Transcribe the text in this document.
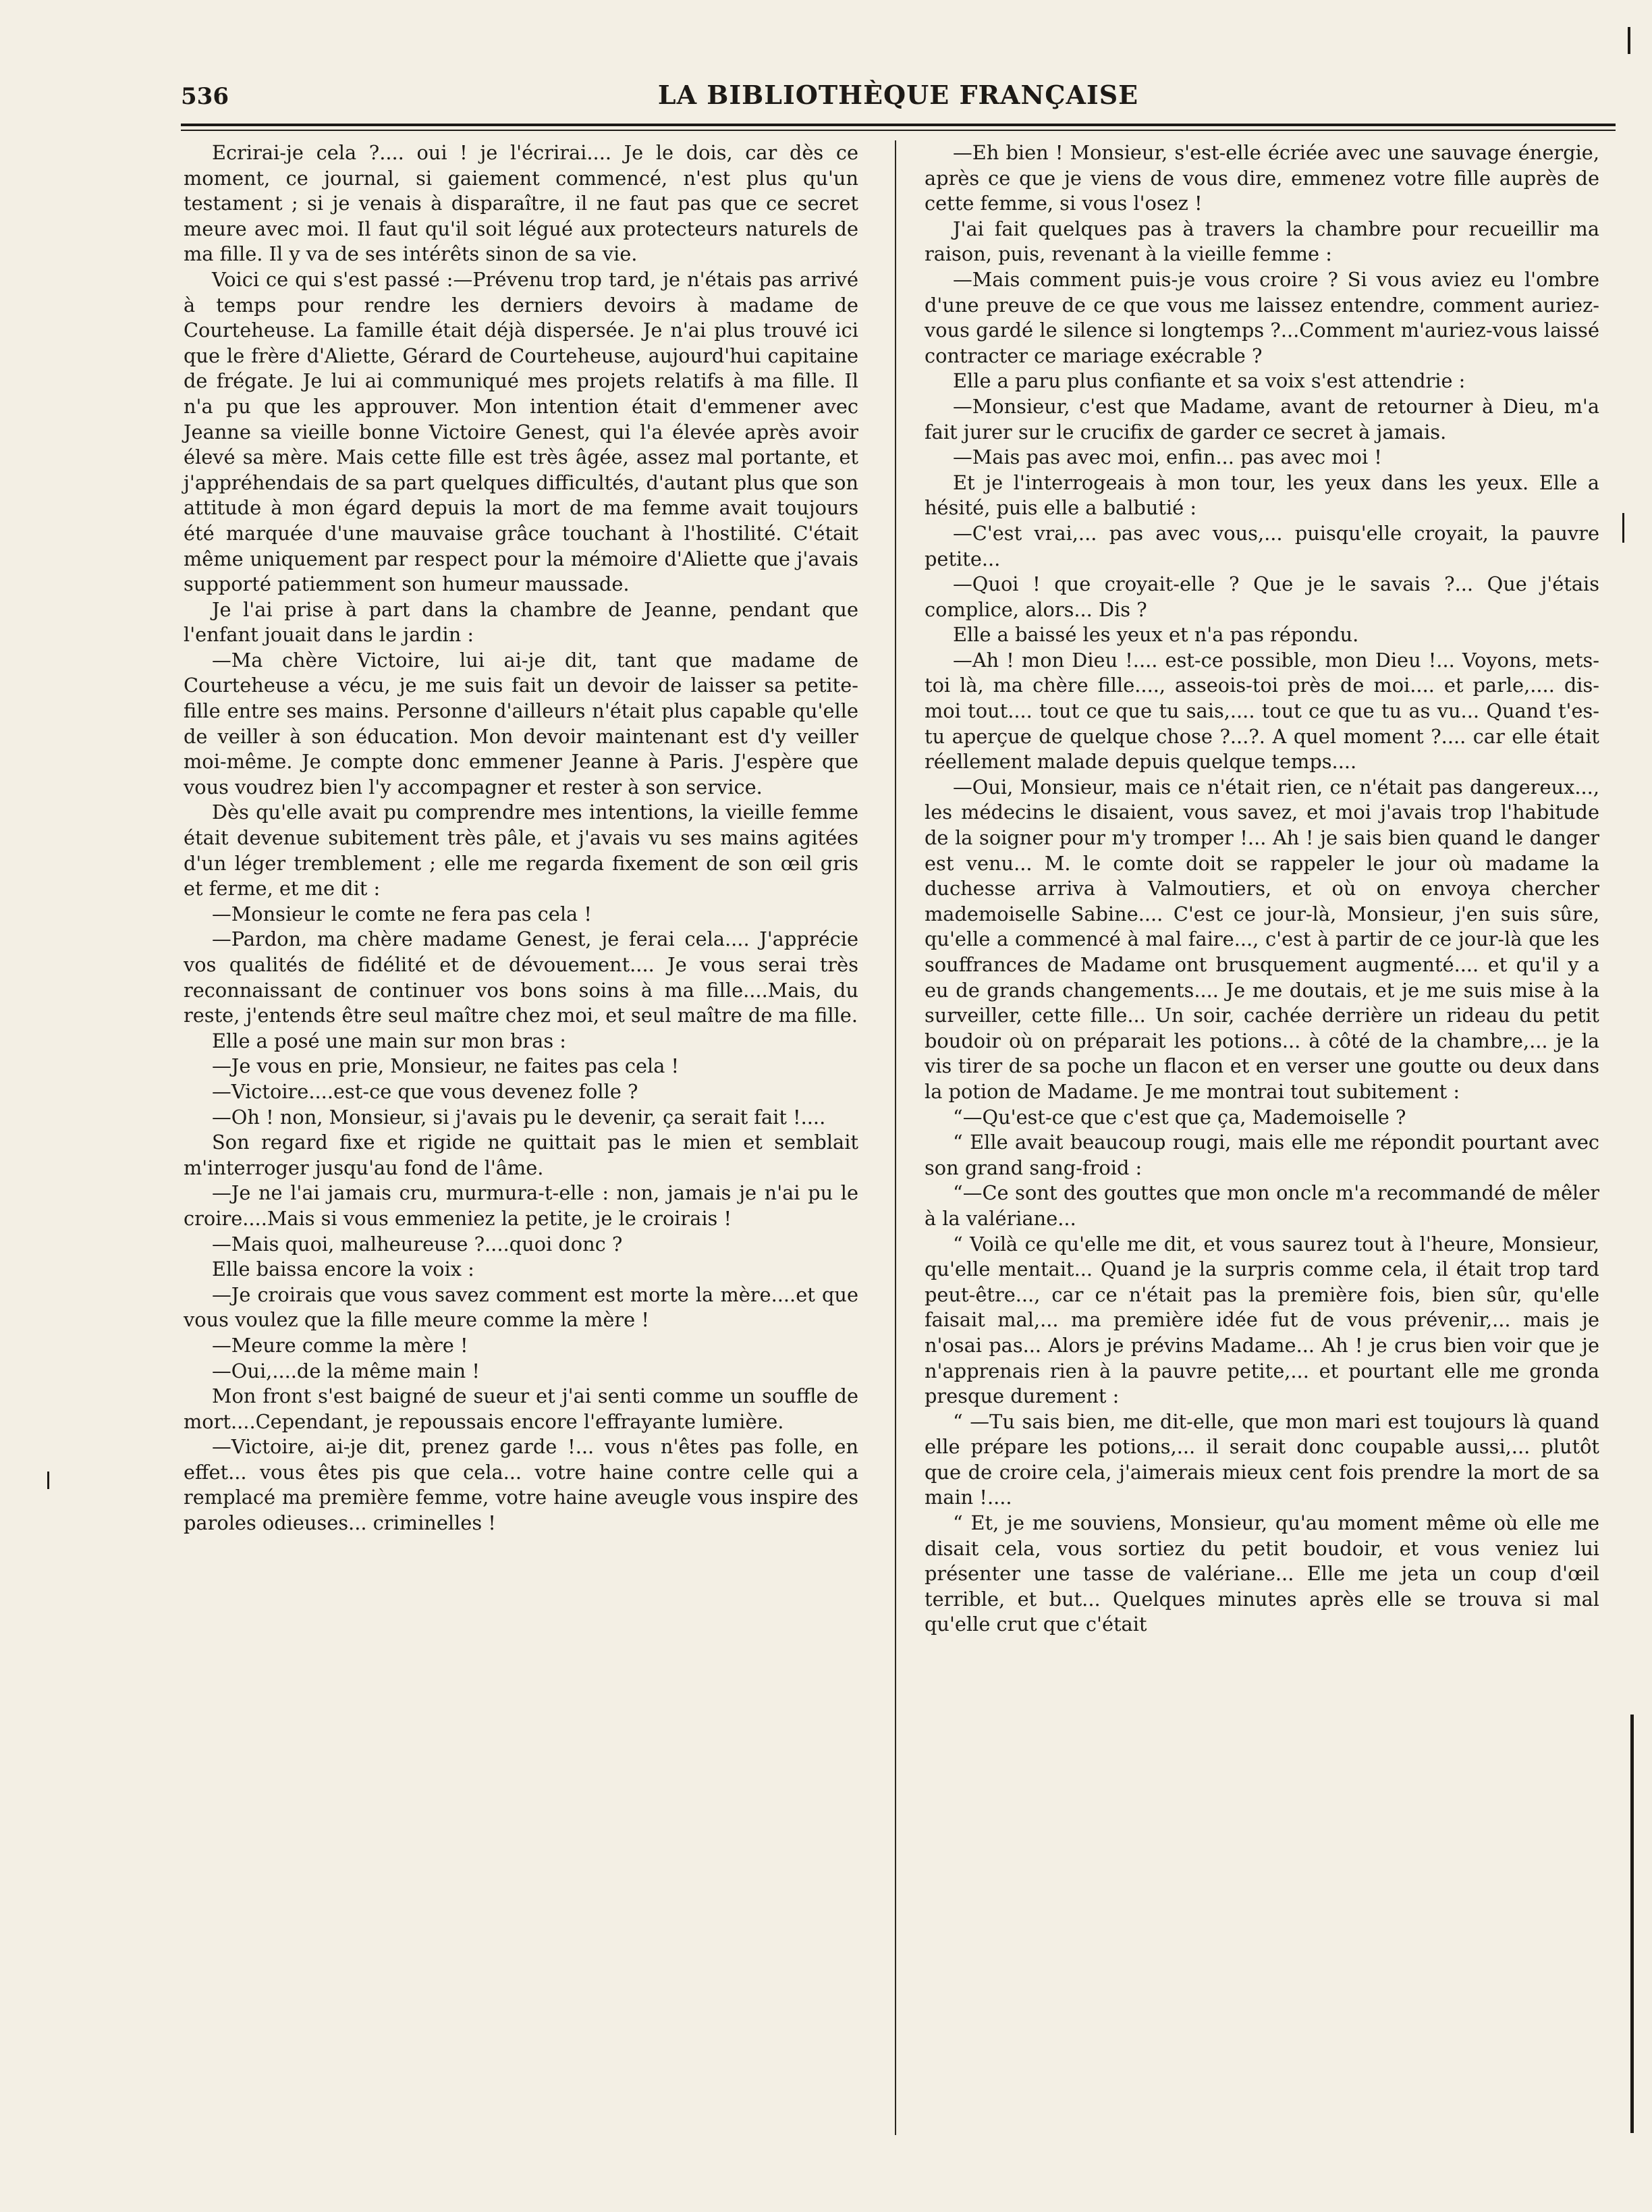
536	LA BIBLIOTHÈQUE FRANÇAISE

Ecrirai-je cela ?.... oui ! je l'écrirai.... Je le dois, car dès ce moment, ce journal, si gaiement commencé, n'est plus qu'un testament ; si je venais à disparaître, il ne faut pas que ce secret meure avec moi. Il faut qu'il soit légué aux protecteurs naturels de ma fille. Il y va de ses intérêts sinon de sa vie.

Voici ce qui s'est passé :—Prévenu trop tard, je n'étais pas arrivé à temps pour rendre les derniers devoirs à madame de Courteheuse. La famille était déjà dispersée. Je n'ai plus trouvé ici que le frère d'Aliette, Gérard de Courteheuse, aujourd'hui capitaine de frégate. Je lui ai communiqué mes projets relatifs à ma fille. Il n'a pu que les approuver. Mon intention était d'emmener avec Jeanne sa vieille bonne Victoire Genest, qui l'a élevée après avoir élevé sa mère. Mais cette fille est très âgée, assez mal portante, et j'appréhendais de sa part quelques difficultés, d'autant plus que son attitude à mon égard depuis la mort de ma femme avait toujours été marquée d'une mauvaise grâce touchant à l'hostilité. C'était même uniquement par respect pour la mémoire d'Aliette que j'avais supporté patiemment son humeur maussade.

Je l'ai prise à part dans la chambre de Jeanne, pendant que l'enfant jouait dans le jardin :

—Ma chère Victoire, lui ai-je dit, tant que madame de Courteheuse a vécu, je me suis fait un devoir de laisser sa petite-fille entre ses mains. Personne d'ailleurs n'était plus capable qu'elle de veiller à son éducation. Mon devoir maintenant est d'y veiller moi-même. Je compte donc emmener Jeanne à Paris. J'espère que vous voudrez bien l'y accompagner et rester à son service.

Dès qu'elle avait pu comprendre mes intentions, la vieille femme était devenue subitement très pâle, et j'avais vu ses mains agitées d'un léger tremblement ; elle me regarda fixement de son œil gris et ferme, et me dit :

—Monsieur le comte ne fera pas cela !

—Pardon, ma chère madame Genest, je ferai cela.... J'apprécie vos qualités de fidélité et de dévouement.... Je vous serai très reconnaissant de continuer vos bons soins à ma fille....Mais, du reste, j'entends être seul maître chez moi, et seul maître de ma fille.

Elle a posé une main sur mon bras :

—Je vous en prie, Monsieur, ne faites pas cela !

—Victoire....est-ce que vous devenez folle ?

—Oh ! non, Monsieur, si j'avais pu le devenir, ça serait fait !....

Son regard fixe et rigide ne quittait pas le mien et semblait m'interroger jusqu'au fond de l'âme.

—Je ne l'ai jamais cru, murmura-t-elle : non, jamais je n'ai pu le croire....Mais si vous emmeniez la petite, je le croirais !

—Mais quoi, malheureuse ?....quoi donc ?

Elle baissa encore la voix :

—Je croirais que vous savez comment est morte la mère....et que vous voulez que la fille meure comme la mère !

—Meure comme la mère !

—Oui,....de la même main !

Mon front s'est baigné de sueur et j'ai senti comme un souffle de mort....Cependant, je repoussais encore l'effrayante lumière.

—Victoire, ai-je dit, prenez garde !... vous n'êtes pas folle, en effet... vous êtes pis que cela... votre haine contre celle qui a remplacé ma première femme, votre haine aveugle vous inspire des paroles odieuses... criminelles !

—Eh bien ! Monsieur, s'est-elle écriée avec une sauvage énergie, après ce que je viens de vous dire, emmenez votre fille auprès de cette femme, si vous l'osez !

J'ai fait quelques pas à travers la chambre pour recueillir ma raison, puis, revenant à la vieille femme :

—Mais comment puis-je vous croire ? Si vous aviez eu l'ombre d'une preuve de ce que vous me laissez entendre, comment auriez-vous gardé le silence si longtemps ?...Comment m'auriez-vous laissé contracter ce mariage exécrable ?

Elle a paru plus confiante et sa voix s'est attendrie :

—Monsieur, c'est que Madame, avant de retourner à Dieu, m'a fait jurer sur le crucifix de garder ce secret à jamais.

—Mais pas avec moi, enfin... pas avec moi !

Et je l'interrogeais à mon tour, les yeux dans les yeux. Elle a hésité, puis elle a balbutié :

—C'est vrai,... pas avec vous,... puisqu'elle croyait, la pauvre petite...

—Quoi ! que croyait-elle ? Que je le savais ?... Que j'étais complice, alors... Dis ?

Elle a baissé les yeux et n'a pas répondu.

—Ah ! mon Dieu !.... est-ce possible, mon Dieu !... Voyons, mets-toi là, ma chère fille...., asseois-toi près de moi.... et parle,.... dis-moi tout.... tout ce que tu sais,.... tout ce que tu as vu... Quand t'es-tu aperçue de quelque chose ?...?. A quel moment ?.... car elle était réellement malade depuis quelque temps....

—Oui, Monsieur, mais ce n'était rien, ce n'était pas dangereux..., les médecins le disaient, vous savez, et moi j'avais trop l'habitude de la soigner pour m'y tromper !... Ah ! je sais bien quand le danger est venu... M. le comte doit se rappeler le jour où madame la duchesse arriva à Valmoutiers, et où on envoya chercher mademoiselle Sabine.... C'est ce jour-là, Monsieur, j'en suis sûre, qu'elle a commencé à mal faire..., c'est à partir de ce jour-là que les souffrances de Madame ont brusquement augmenté.... et qu'il y a eu de grands changements.... Je me doutais, et je me suis mise à la surveiller, cette fille... Un soir, cachée derrière un rideau du petit boudoir où on préparait les potions... à côté de la chambre,... je la vis tirer de sa poche un flacon et en verser une goutte ou deux dans la potion de Madame. Je me montrai tout subitement :

“—Qu'est-ce que c'est que ça, Mademoiselle ?

“ Elle avait beaucoup rougi, mais elle me répondit pourtant avec son grand sang-froid :

“—Ce sont des gouttes que mon oncle m'a recommandé de mêler à la valériane...

“ Voilà ce qu'elle me dit, et vous saurez tout à l'heure, Monsieur, qu'elle mentait... Quand je la surpris comme cela, il était trop tard peut-être..., car ce n'était pas la première fois, bien sûr, qu'elle faisait mal,... ma première idée fut de vous prévenir,... mais je n'osai pas... Alors je prévins Madame... Ah ! je crus bien voir que je n'apprenais rien à la pauvre petite,... et pourtant elle me gronda presque durement :

“ —Tu sais bien, me dit-elle, que mon mari est toujours là quand elle prépare les potions,... il serait donc coupable aussi,... plutôt que de croire cela, j'aimerais mieux cent fois prendre la mort de sa main !....

“ Et, je me souviens, Monsieur, qu'au moment même où elle me disait cela, vous sortiez du petit boudoir, et vous veniez lui présenter une tasse de valériane... Elle me jeta un coup d'œil terrible, et but... Quelques minutes après elle se trouva si mal qu'elle crut que c'était
